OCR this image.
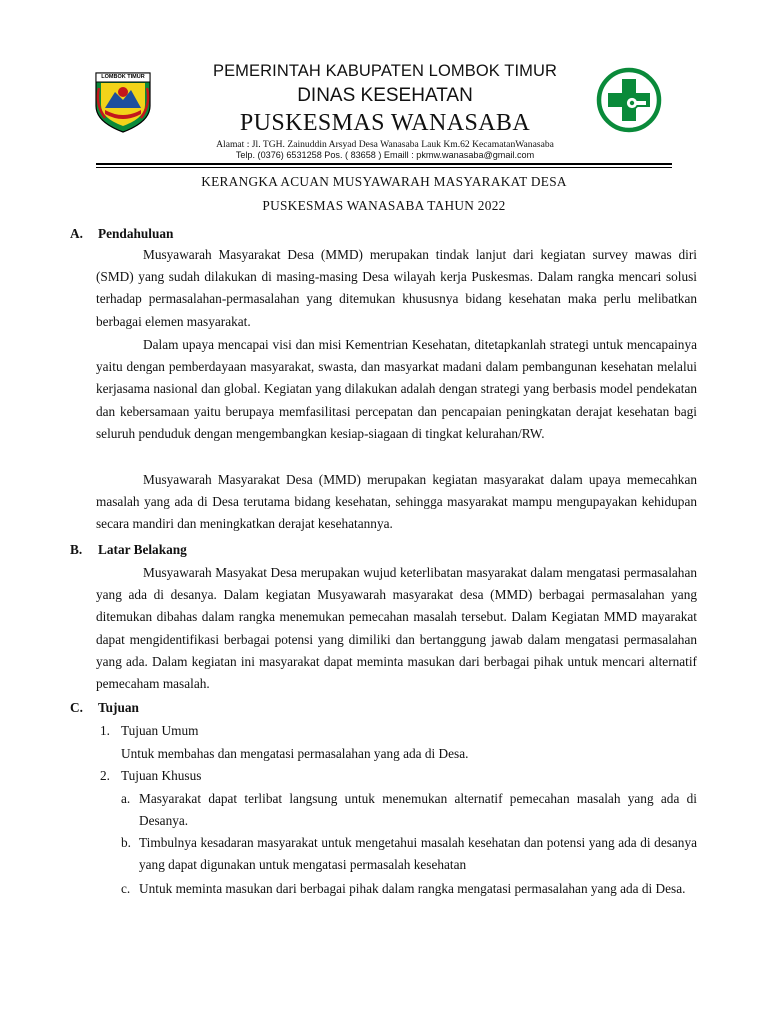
LOMBOK TIMUR	PEMERINTAH KABUPATEN LOMBOK TIMUR
DINAS KESEHATAN
PUSKESMAS WANASABA
Alamat : Jl. TGH. Zainuddin Arsyad Desa Wanasaba Lauk Km.62 KecamatanWanasaba
Telp. (0376) 6531258 Pos. ( 83658 ) Emaill : pkmw.wanasaba@gmail.com
KERANGKA ACUAN MUSYAWARAH MASYARAKAT DESA
PUSKESMAS WANASABA TAHUN 2022
A. Pendahuluan
Musyawarah Masyarakat Desa (MMD) merupakan tindak lanjut dari kegiatan survey mawas diri (SMD) yang sudah dilakukan di masing-masing Desa wilayah kerja Puskesmas. Dalam rangka mencari solusi terhadap permasalahan-permasalahan yang ditemukan khususnya bidang kesehatan maka perlu melibatkan berbagai elemen masyarakat.
Dalam upaya mencapai visi dan misi Kementrian Kesehatan, ditetapkanlah strategi untuk mencapainya yaitu dengan pemberdayaan masyarakat, swasta, dan masyarkat madani dalam pembangunan kesehatan melalui kerjasama nasional dan global. Kegiatan yang dilakukan adalah dengan strategi yang berbasis model pendekatan dan kebersamaan yaitu berupaya memfasilitasi percepatan dan pencapaian peningkatan derajat kesehatan bagi seluruh penduduk dengan mengembangkan kesiap-siagaan di tingkat kelurahan/RW.
Musyawarah Masyarakat Desa (MMD) merupakan kegiatan masyarakat dalam upaya memecahkan masalah yang ada di Desa terutama bidang kesehatan, sehingga masyarakat mampu mengupayakan kehidupan secara mandiri dan meningkatkan derajat kesehatannya.
B. Latar Belakang
Musyawarah Masyakat Desa merupakan wujud keterlibatan masyarakat dalam mengatasi permasalahan yang ada di desanya. Dalam kegiatan Musyawarah masyarakat desa (MMD) berbagai permasalahan yang ditemukan dibahas dalam rangka menemukan pemecahan masalah tersebut. Dalam Kegiatan MMD mayarakat dapat mengidentifikasi berbagai potensi yang dimiliki dan bertanggung jawab dalam mengatasi permasalahan yang ada. Dalam kegiatan ini masyarakat dapat meminta masukan dari berbagai pihak untuk mencari alternatif pemecaham masalah.
C. Tujuan
1. Tujuan Umum
Untuk membahas dan mengatasi permasalahan yang ada di Desa.
2. Tujuan Khusus
a. Masyarakat dapat terlibat langsung untuk menemukan alternatif pemecahan masalah yang ada di Desanya.
b. Timbulnya kesadaran masyarakat untuk mengetahui masalah kesehatan dan potensi yang ada di desanya yang dapat digunakan untuk mengatasi permasalah kesehatan
c. Untuk meminta masukan dari berbagai pihak dalam rangka mengatasi permasalahan yang ada di Desa.
